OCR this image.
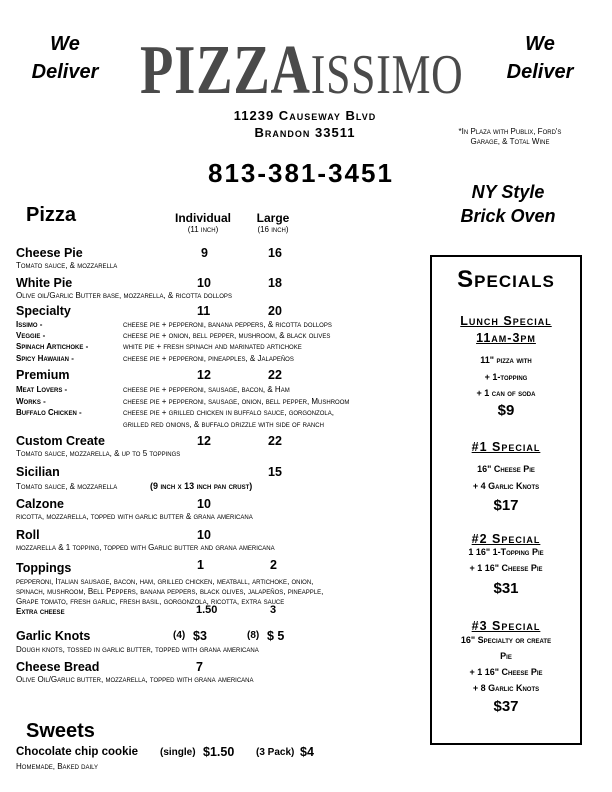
We Deliver
We Deliver
PIZZAISSIMO
11239 Causeway Blvd
Brandon 33511	*In Plaza with Publix, Ford's Garage, & Total Wine
813-381-3451
NY Style Brick Oven
Pizza	Individual
(11 inch)
Large
(16 inch)
Cheese Pie	9	16
Tomato sauce, & mozzarella
White Pie	10	18
Olive oil/Garlic Butter base, mozzarella, & ricotta dollops
Specialty	11	20
Issimo -	cheese pie + pepperoni, banana peppers, & ricotta dollops
Veggie -	cheese pie + onion, bell pepper, mushroom, & black olives
Spinach Artichoke -	white pie + fresh spinach and marinated artichoke
Spicy Hawaiian -	cheese pie + pepperoni, pineapples, & Jalapeños
Premium	12	22
Meat Lovers -	cheese pie + pepperoni, sausage, bacon, & Ham
Works -	cheese pie + pepperoni, sausage, onion, bell pepper, Mushroom
Buffalo Chicken -	cheese pie + grilled chicken in buffalo sauce, gorgonzola,
grilled red onions, & buffalo drizzle with side of ranch
Custom Create	12	22
Tomato sauce, mozzarella, & up to 5 toppings
Sicilian	15
Tomato sauce, & mozzarella	(9 inch x 13 inch pan crust)
Calzone	10
ricotta, mozzarella, topped with garlic butter & grana americana
Roll	10
mozzarella & 1 topping, topped with Garlic butter and grana americana
Toppings	1	2
pepperoni, Italian sausage, bacon, ham, grilled chicken, meatball, artichoke, onion,
spinach, mushroom, Bell Peppers, banana peppers, black olives, jalapeños, pineapple,
Grape tomato, fresh garlic, fresh basil, gorgonzola, ricotta, extra sauce
Extra cheese	1.50	3
Garlic Knots	(4) $3	(8) $ 5
Dough knots, tossed in garlic butter, topped with grana americana
Cheese Bread	7
Olive Oil/Garlic butter, mozzarella, topped with grana americana
Sweets
Chocolate chip cookie (single) $1.50 (3 Pack) $4
Homemade, Baked daily
Specials
Lunch Special
11am-3pm
11" pizza with
+ 1-topping
+ 1 can of soda
$9
#1 Special
16" Cheese Pie
+ 4 Garlic Knots
$17
#2 Special
1 16" 1-Topping Pie
+ 1 16" Cheese Pie
$31
#3 Special
16" Specialty or create
Pie
+ 1 16" Cheese Pie
+ 8 Garlic Knots
$37
